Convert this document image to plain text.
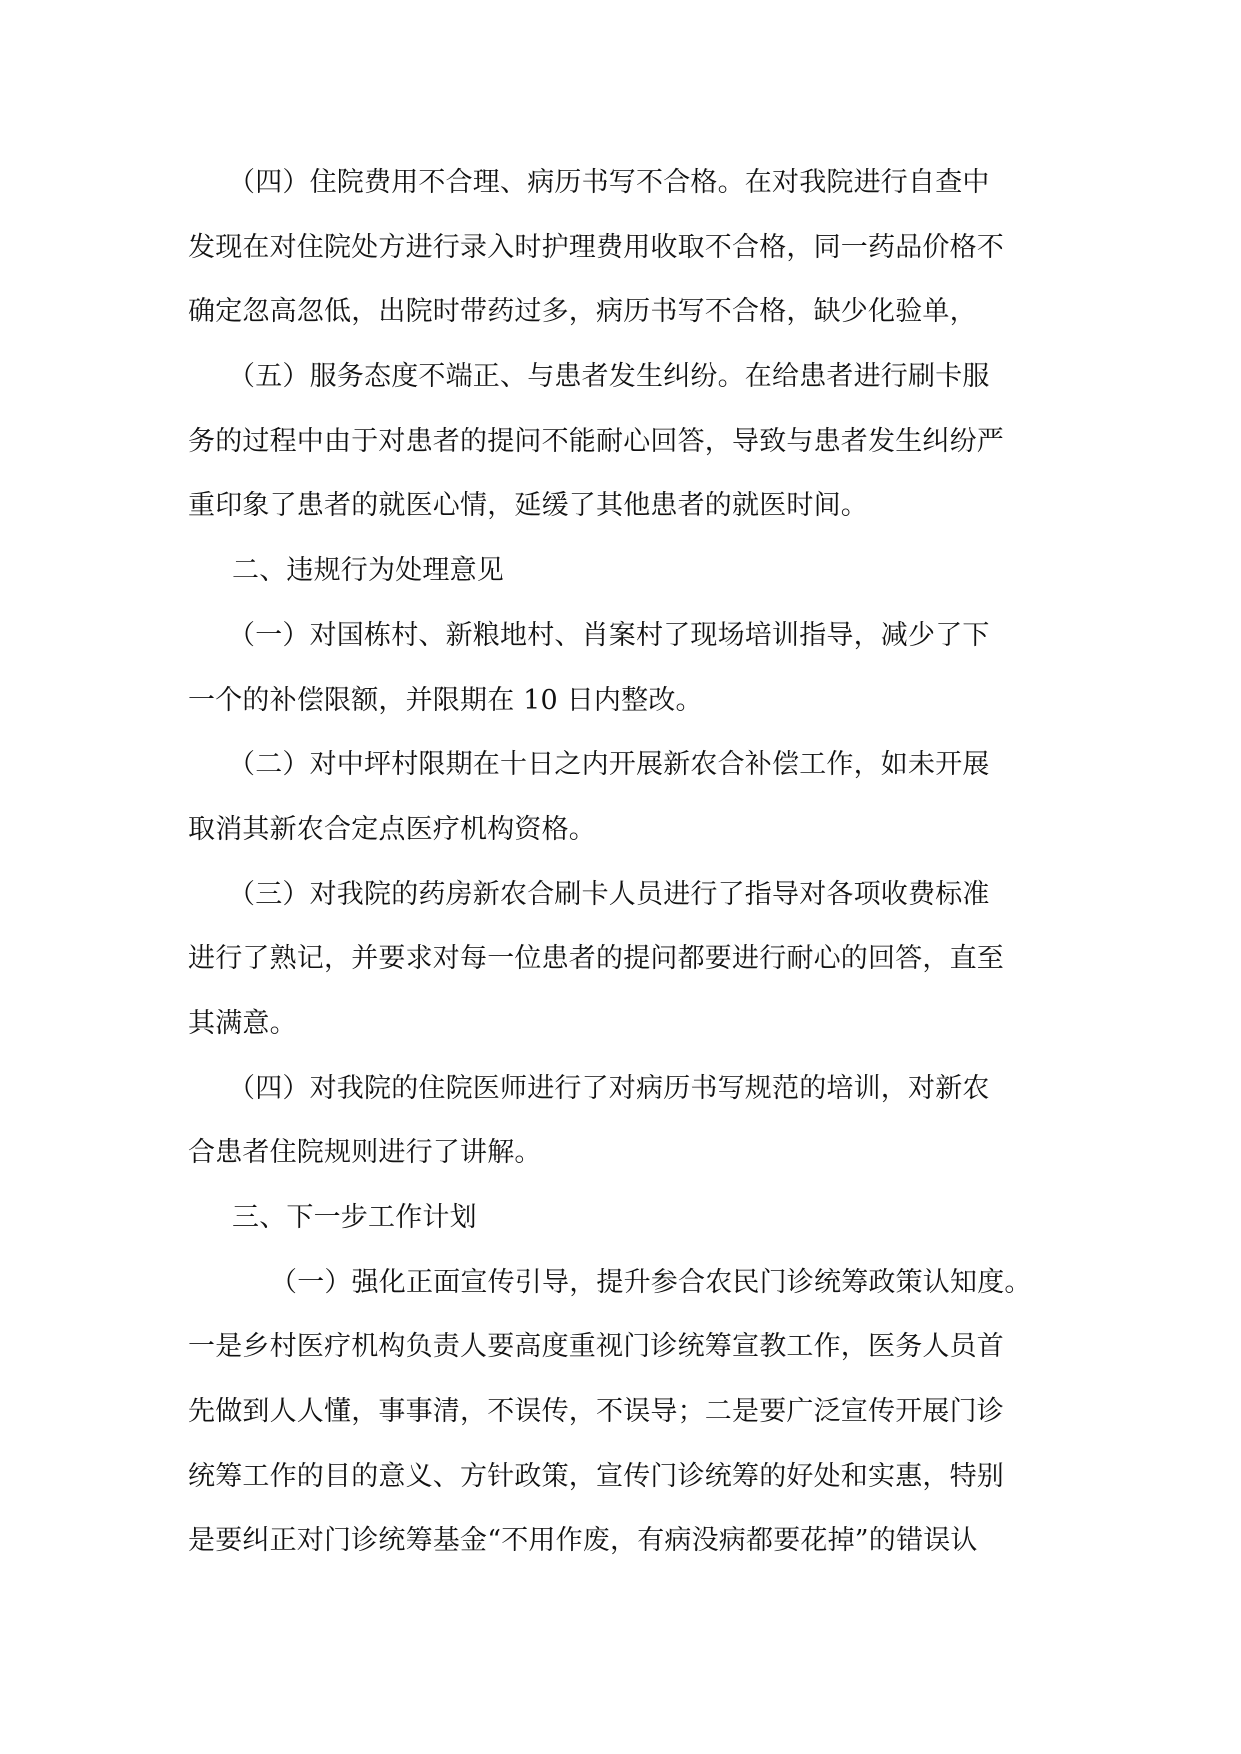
（四）住院费用不合理、病历书写不合格。在对我院进行自查中
发现在对住院处方进行录入时护理费用收取不合格，同一药品价格不
确定忽高忽低，出院时带药过多，病历书写不合格，缺少化验单，
（五）服务态度不端正、与患者发生纠纷。在给患者进行刷卡服
务的过程中由于对患者的提问不能耐心回答，导致与患者发生纠纷严
重印象了患者的就医心情，延缓了其他患者的就医时间。
二、违规行为处理意见
（一）对国栋村、新粮地村、肖案村了现场培训指导，减少了下
一个的补偿限额，并限期在 10 日内整改。
（二）对中坪村限期在十日之内开展新农合补偿工作，如未开展
取消其新农合定点医疗机构资格。
（三）对我院的药房新农合刷卡人员进行了指导对各项收费标准
进行了熟记，并要求对每一位患者的提问都要进行耐心的回答，直至
其满意。
（四）对我院的住院医师进行了对病历书写规范的培训，对新农
合患者住院规则进行了讲解。
三、下一步工作计划
（一）强化正面宣传引导，提升参合农民门诊统筹政策认知度。
一是乡村医疗机构负责人要高度重视门诊统筹宣教工作，医务人员首
先做到人人懂，事事清，不误传，不误导；二是要广泛宣传开展门诊
统筹工作的目的意义、方针政策，宣传门诊统筹的好处和实惠，特别
是要纠正对门诊统筹基金“不用作废，有病没病都要花掉”的错误认
